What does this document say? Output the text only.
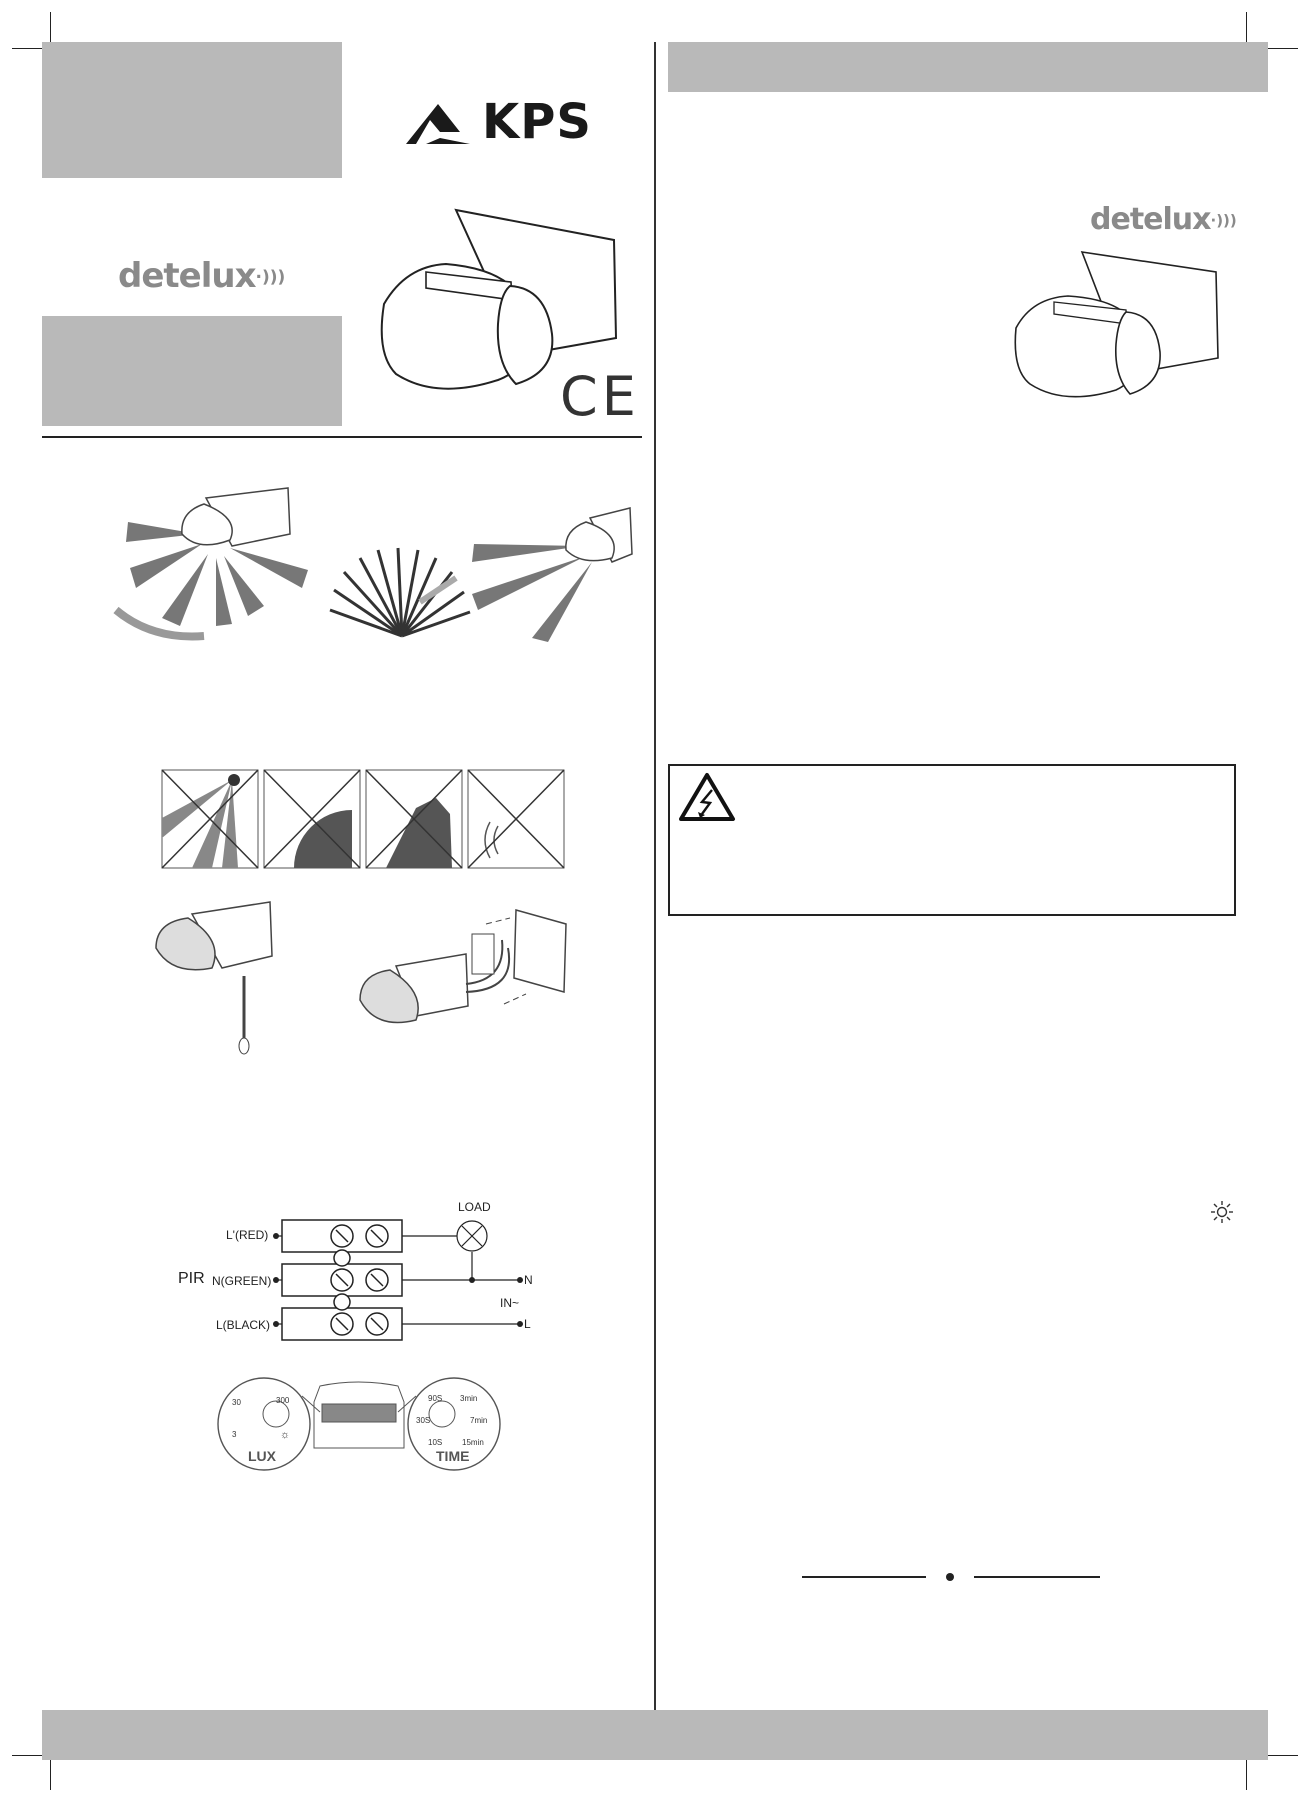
KPS
detelux·)))
CE
LOAD
L'(RED)
PIR N(GREEN)
L(BLACK)
N
IN~
L
☼
3
30	300
LUX
10S
30S
90S 3min
7min
15min
TIME
detelux·)))
